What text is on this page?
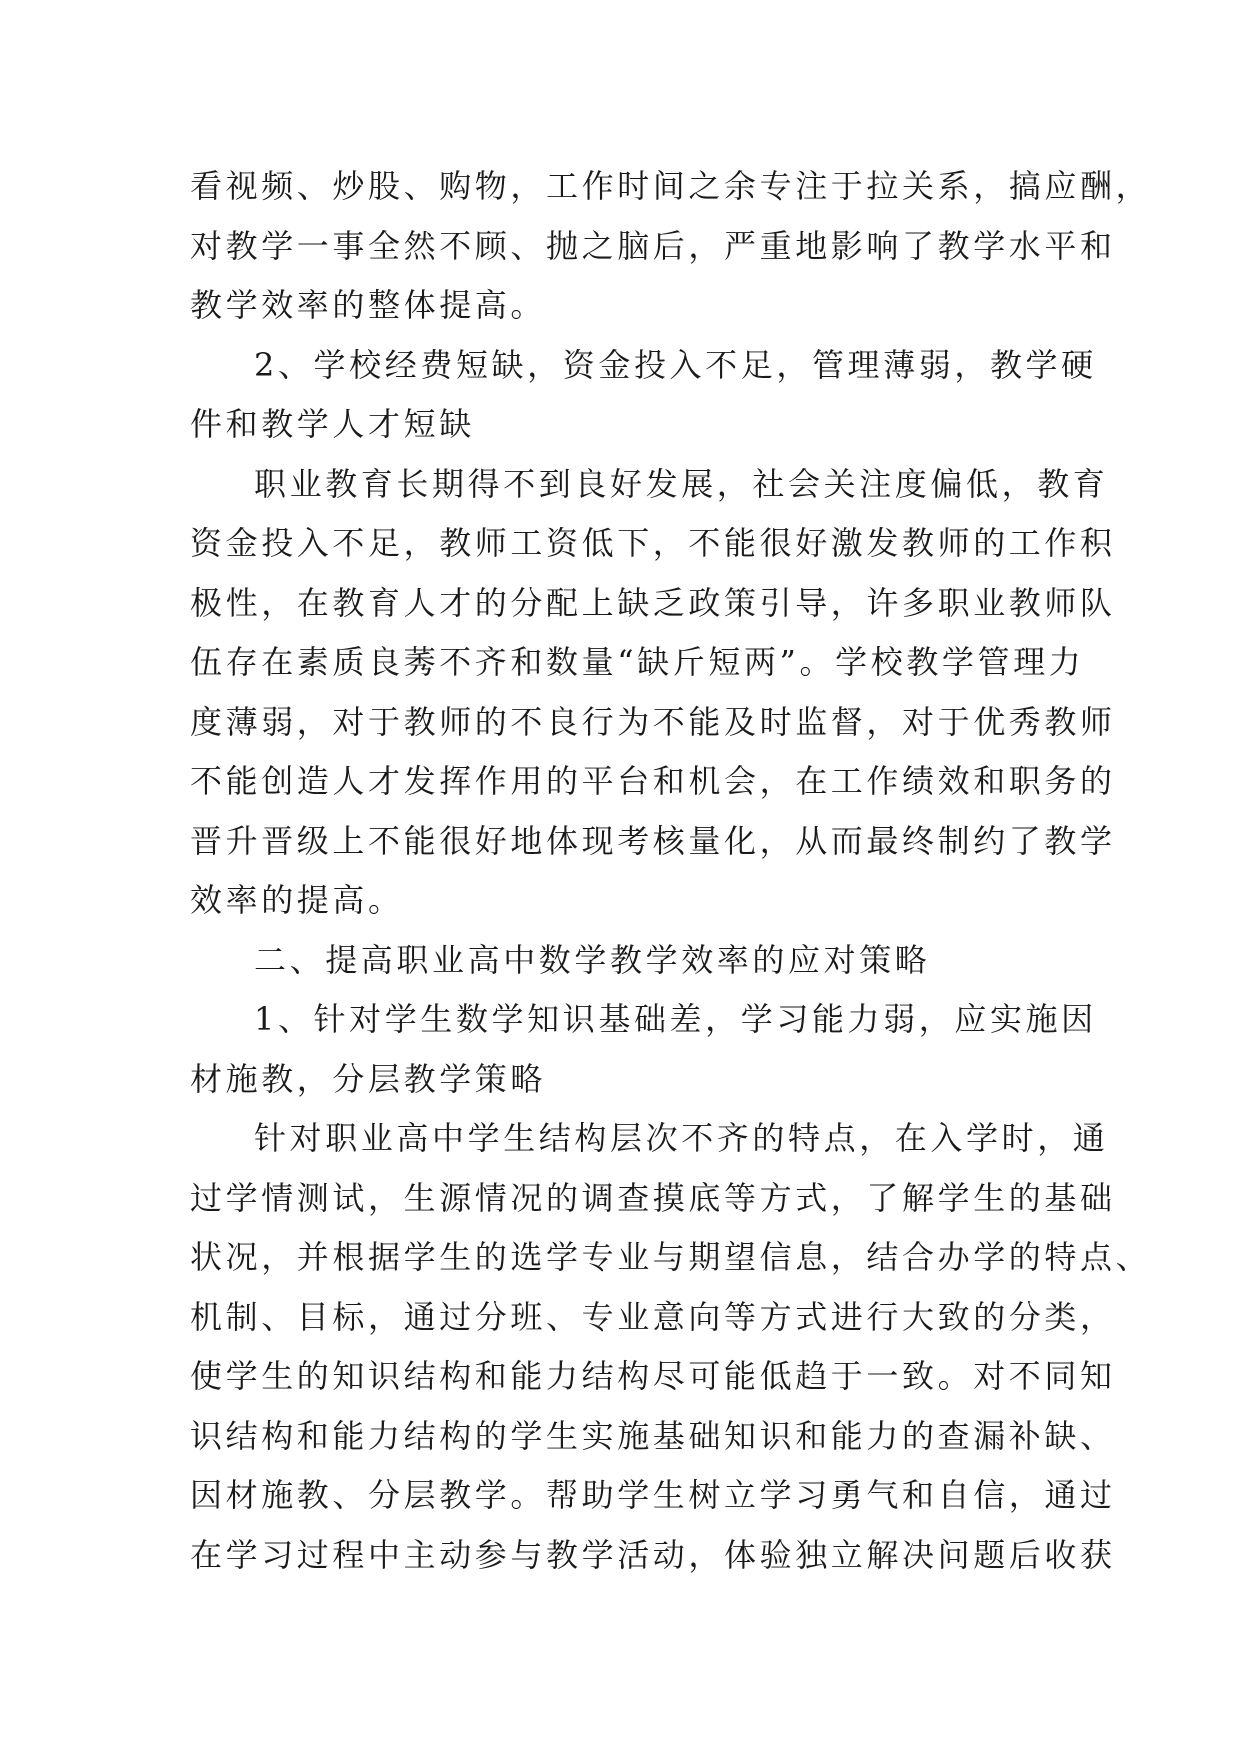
看视频、炒股、购物，工作时间之余专注于拉关系，搞应酬，
对教学一事全然不顾、抛之脑后，严重地影响了教学水平和
教学效率的整体提高。
2、学校经费短缺，资金投入不足，管理薄弱，教学硬
件和教学人才短缺
职业教育长期得不到良好发展，社会关注度偏低，教育
资金投入不足，教师工资低下，不能很好激发教师的工作积
极性，在教育人才的分配上缺乏政策引导，许多职业教师队
伍存在素质良莠不齐和数量“缺斤短两”。学校教学管理力
度薄弱，对于教师的不良行为不能及时监督，对于优秀教师
不能创造人才发挥作用的平台和机会，在工作绩效和职务的
晋升晋级上不能很好地体现考核量化，从而最终制约了教学
效率的提高。
二、提高职业高中数学教学效率的应对策略
1、针对学生数学知识基础差，学习能力弱，应实施因
材施教，分层教学策略
针对职业高中学生结构层次不齐的特点，在入学时，通
过学情测试，生源情况的调查摸底等方式，了解学生的基础
状况，并根据学生的选学专业与期望信息，结合办学的特点、
机制、目标，通过分班、专业意向等方式进行大致的分类，
使学生的知识结构和能力结构尽可能低趋于一致。对不同知
识结构和能力结构的学生实施基础知识和能力的查漏补缺、
因材施教、分层教学。帮助学生树立学习勇气和自信，通过
在学习过程中主动参与教学活动，体验独立解决问题后收获
